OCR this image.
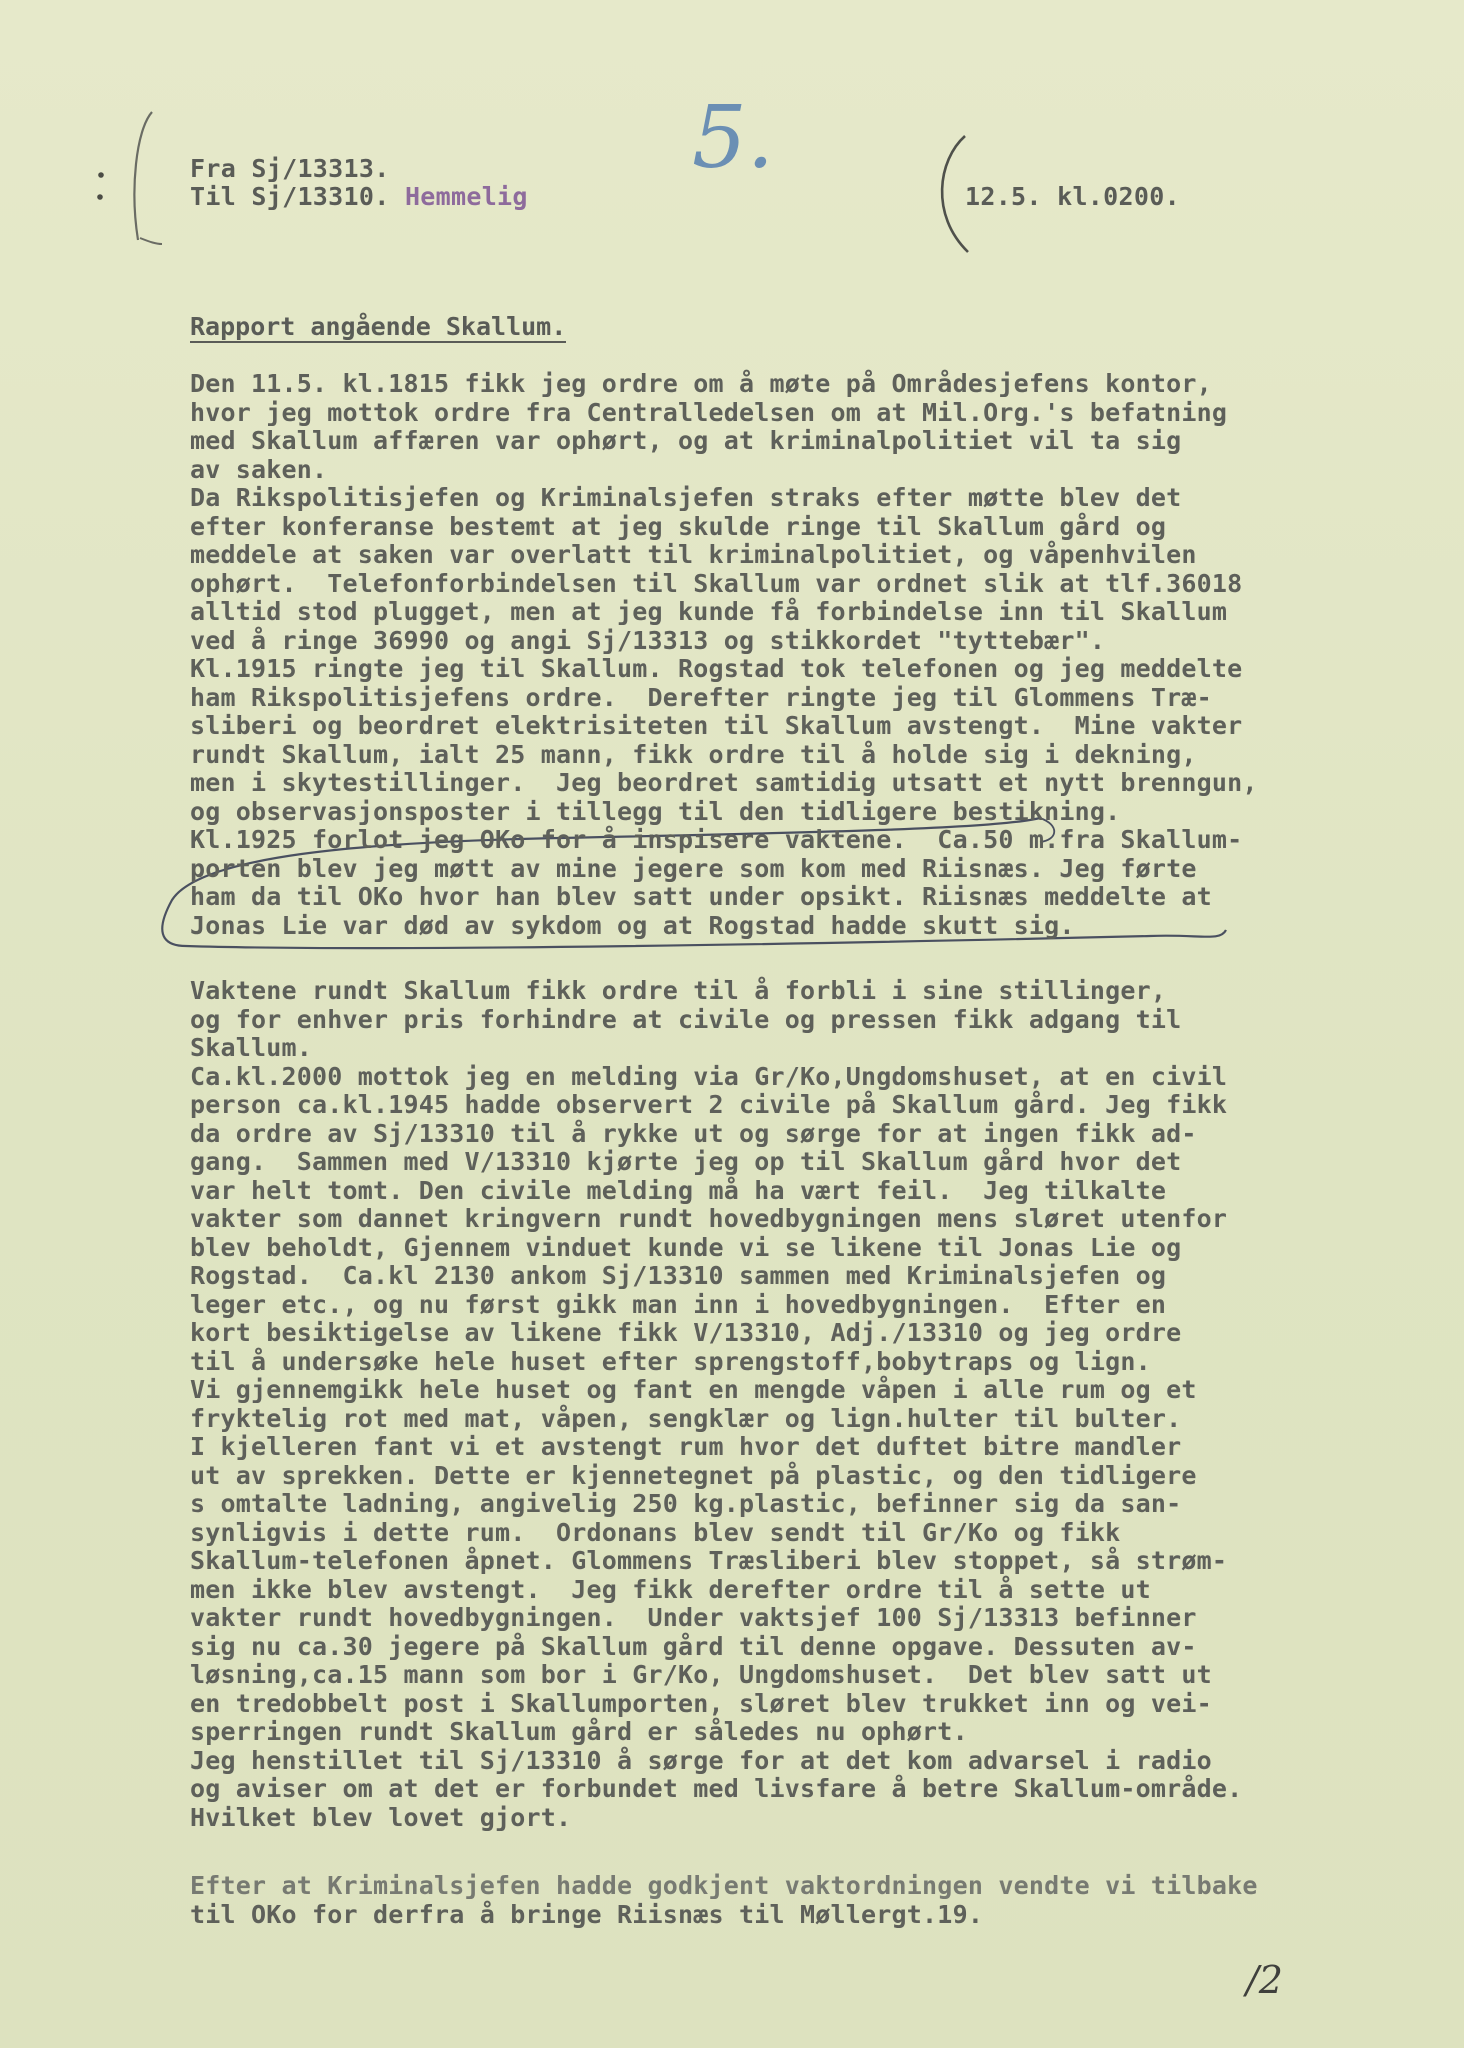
5.
Fra Sj/13313.
Til Sj/13310. Hemmelig	12.5. kl.0200.
Rapport angående Skallum.
Den 11.5. kl.1815 fikk jeg ordre om å møte på Områdesjefens kontor,
hvor jeg mottok ordre fra Centralledelsen om at Mil.Org.'s befatning
med Skallum affæren var ophørt, og at kriminalpolitiet vil ta sig
av saken.
Da Rikspolitisjefen og Kriminalsjefen straks efter møtte blev det
efter konferanse bestemt at jeg skulde ringe til Skallum gård og
meddele at saken var overlatt til kriminalpolitiet, og våpenhvilen
ophørt.  Telefonforbindelsen til Skallum var ordnet slik at tlf.36018
alltid stod plugget, men at jeg kunde få forbindelse inn til Skallum
ved å ringe 36990 og angi Sj/13313 og stikkordet "tyttebær".
Kl.1915 ringte jeg til Skallum. Rogstad tok telefonen og jeg meddelte
ham Rikspolitisjefens ordre.  Derefter ringte jeg til Glommens Træ-
sliberi og beordret elektrisiteten til Skallum avstengt.  Mine vakter
rundt Skallum, ialt 25 mann, fikk ordre til å holde sig i dekning,
men i skytestillinger.  Jeg beordret samtidig utsatt et nytt brenngun,
og observasjonsposter i tillegg til den tidligere bestikning.
Kl.1925 forlot jeg OKo for å inspisere vaktene.  Ca.50 m.fra Skallum-
porten blev jeg møtt av mine jegere som kom med Riisnæs. Jeg førte
ham da til OKo hvor han blev satt under opsikt. Riisnæs meddelte at
Jonas Lie var død av sykdom og at Rogstad hadde skutt sig.
Vaktene rundt Skallum fikk ordre til å forbli i sine stillinger,
og for enhver pris forhindre at civile og pressen fikk adgang til
Skallum.
Ca.kl.2000 mottok jeg en melding via Gr/Ko,Ungdomshuset, at en civil
person ca.kl.1945 hadde observert 2 civile på Skallum gård. Jeg fikk
da ordre av Sj/13310 til å rykke ut og sørge for at ingen fikk ad-
gang.  Sammen med V/13310 kjørte jeg op til Skallum gård hvor det
var helt tomt. Den civile melding må ha vært feil.  Jeg tilkalte
vakter som dannet kringvern rundt hovedbygningen mens sløret utenfor
blev beholdt, Gjennem vinduet kunde vi se likene til Jonas Lie og
Rogstad.  Ca.kl 2130 ankom Sj/13310 sammen med Kriminalsjefen og
leger etc., og nu først gikk man inn i hovedbygningen.  Efter en
kort besiktigelse av likene fikk V/13310, Adj./13310 og jeg ordre
til å undersøke hele huset efter sprengstoff,bobytraps og lign.
Vi gjennemgikk hele huset og fant en mengde våpen i alle rum og et
fryktelig rot med mat, våpen, sengklær og lign.hulter til bulter.
I kjelleren fant vi et avstengt rum hvor det duftet bitre mandler
ut av sprekken. Dette er kjennetegnet på plastic, og den tidligere
s omtalte ladning, angivelig 250 kg.plastic, befinner sig da san-
synligvis i dette rum.  Ordonans blev sendt til Gr/Ko og fikk
Skallum-telefonen åpnet. Glommens Træsliberi blev stoppet, så strøm-
men ikke blev avstengt.  Jeg fikk derefter ordre til å sette ut
vakter rundt hovedbygningen.  Under vaktsjef 100 Sj/13313 befinner
sig nu ca.30 jegere på Skallum gård til denne opgave. Dessuten av-
løsning,ca.15 mann som bor i Gr/Ko, Ungdomshuset.  Det blev satt ut
en tredobbelt post i Skallumporten, sløret blev trukket inn og vei-
sperringen rundt Skallum gård er således nu ophørt.
Jeg henstillet til Sj/13310 å sørge for at det kom advarsel i radio
og aviser om at det er forbundet med livsfare å betre Skallum-område.
Hvilket blev lovet gjort.
Efter at Kriminalsjefen hadde godkjent vaktordningen vendte vi tilbake
til OKo for derfra å bringe Riisnæs til Møllergt.19.
/2
